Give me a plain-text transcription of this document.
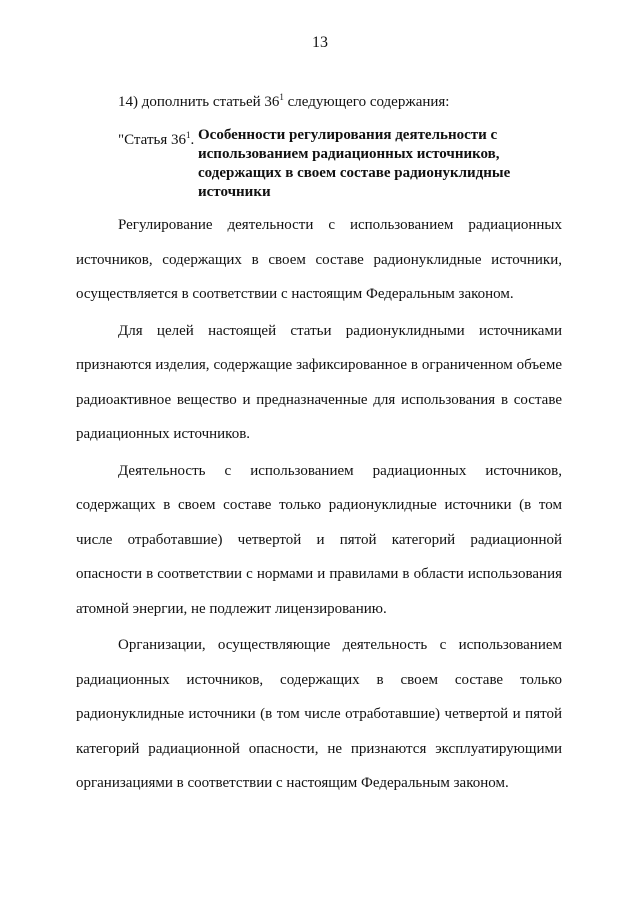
13
14) дополнить статьей $36^1$ следующего содержания:
"Статья $36^1$. Особенности регулирования деятельности с использованием радиационных источников, содержащих в своем составе радионуклидные источники

Регулирование деятельности с использованием радиационных источников, содержащих в своем составе радионуклидные источники, осуществляется в соответствии с настоящим Федеральным законом.

Для целей настоящей статьи радионуклидными источниками признаются изделия, содержащие зафиксированное в ограниченном объеме радиоактивное вещество и предназначенные для использования в составе радиационных источников.

Деятельность с использованием радиационных источников, содержащих в своем составе только радионуклидные источники (в том числе отработавшие) четвертой и пятой категорий радиационной опасности в соответствии с нормами и правилами в области использования атомной энергии, не подлежит лицензированию.

Организации, осуществляющие деятельность с использованием радиационных источников, содержащих в своем составе только радионуклидные источники (в том числе отработавшие) четвертой и пятой категорий радиационной опасности, не признаются эксплуатирующими организациями в соответствии с настоящим Федеральным законом.
